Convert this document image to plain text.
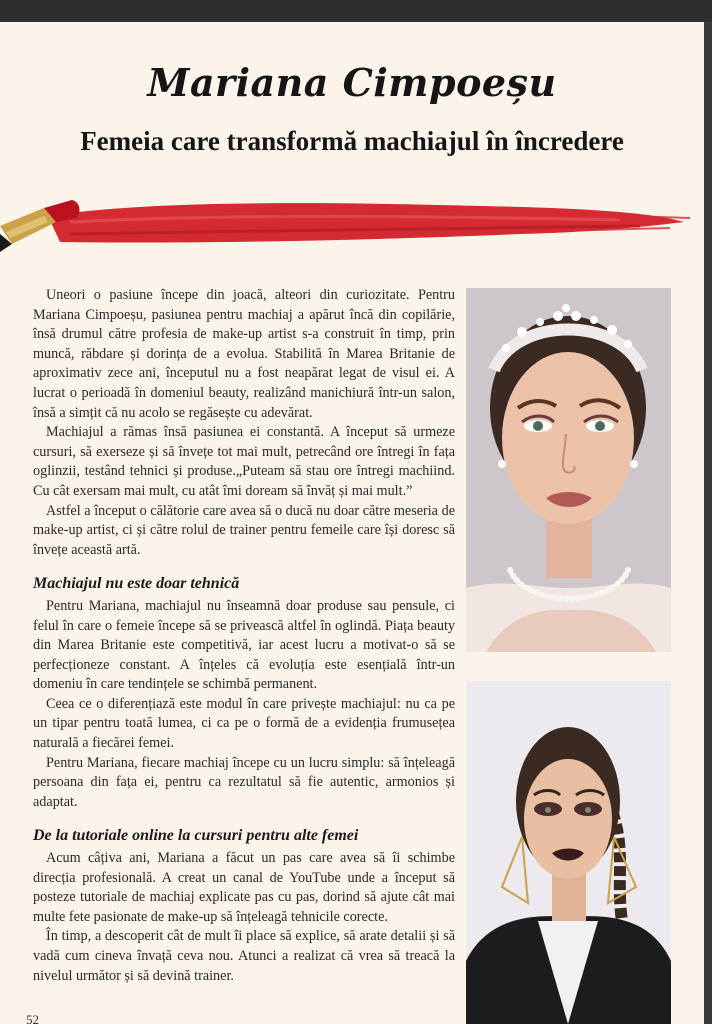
Mariana Cimpoeșu
Femeia care transformă machiajul în încredere

Uneori o pasiune începe din joacă, alteori din curiozitate. Pentru Mariana Cimpoeșu, pasiunea pentru machiaj a apărut încă din copilărie, însă drumul către profesia de make-up artist s-a construit în timp, prin muncă, răbdare și dorința de a evolua. Stabilită în Marea Britanie de aproximativ zece ani, începutul nu a fost neapărat legat de visul ei. A lucrat o perioadă în domeniul beauty, realizând manichiură într-un salon, însă a simțit că nu acolo se regăsește cu adevărat.

Machiajul a rămas însă pasiunea ei constantă. A început să urmeze cursuri, să exerseze și să învețe tot mai mult, petrecând ore întregi în fața oglinzii, testând tehnici și produse.„Puteam să stau ore întregi machiind. Cu cât exersam mai mult, cu atât îmi doream să învăț și mai mult.”

Astfel a început o călătorie care avea să o ducă nu doar către meseria de make-up artist, ci și către rolul de trainer pentru femeile care își doresc să învețe această artă.

Machiajul nu este doar tehnică

Pentru Mariana, machiajul nu înseamnă doar produse sau pensule, ci felul în care o femeie începe să se privească altfel în oglindă. Piața beauty din Marea Britanie este competitivă, iar acest lucru a motivat-o să se perfecționeze constant. A înțeles că evoluția este esențială într-un domeniu în care tendințele se schimbă permanent.

Ceea ce o diferențiază este modul în care privește machiajul: nu ca pe un tipar pentru toată lumea, ci ca pe o formă de a evidenția frumusețea naturală a fiecărei femei.

Pentru Mariana, fiecare machiaj începe cu un lucru simplu: să înțeleagă persoana din fața ei, pentru ca rezultatul să fie autentic, armonios și adaptat.

De la tutoriale online la cursuri pentru alte femei

Acum câțiva ani, Mariana a făcut un pas care avea să îi schimbe direcția profesională. A creat un canal de YouTube unde a început să posteze tutoriale de machiaj explicate pas cu pas, dorind să ajute cât mai multe fete pasionate de make-up să înțeleagă tehnicile corecte.

În timp, a descoperit cât de mult îi place să explice, să arate detalii și să vadă cum cineva învață ceva nou. Atunci a realizat că vrea să treacă la nivelul următor și să devină trainer.

52
